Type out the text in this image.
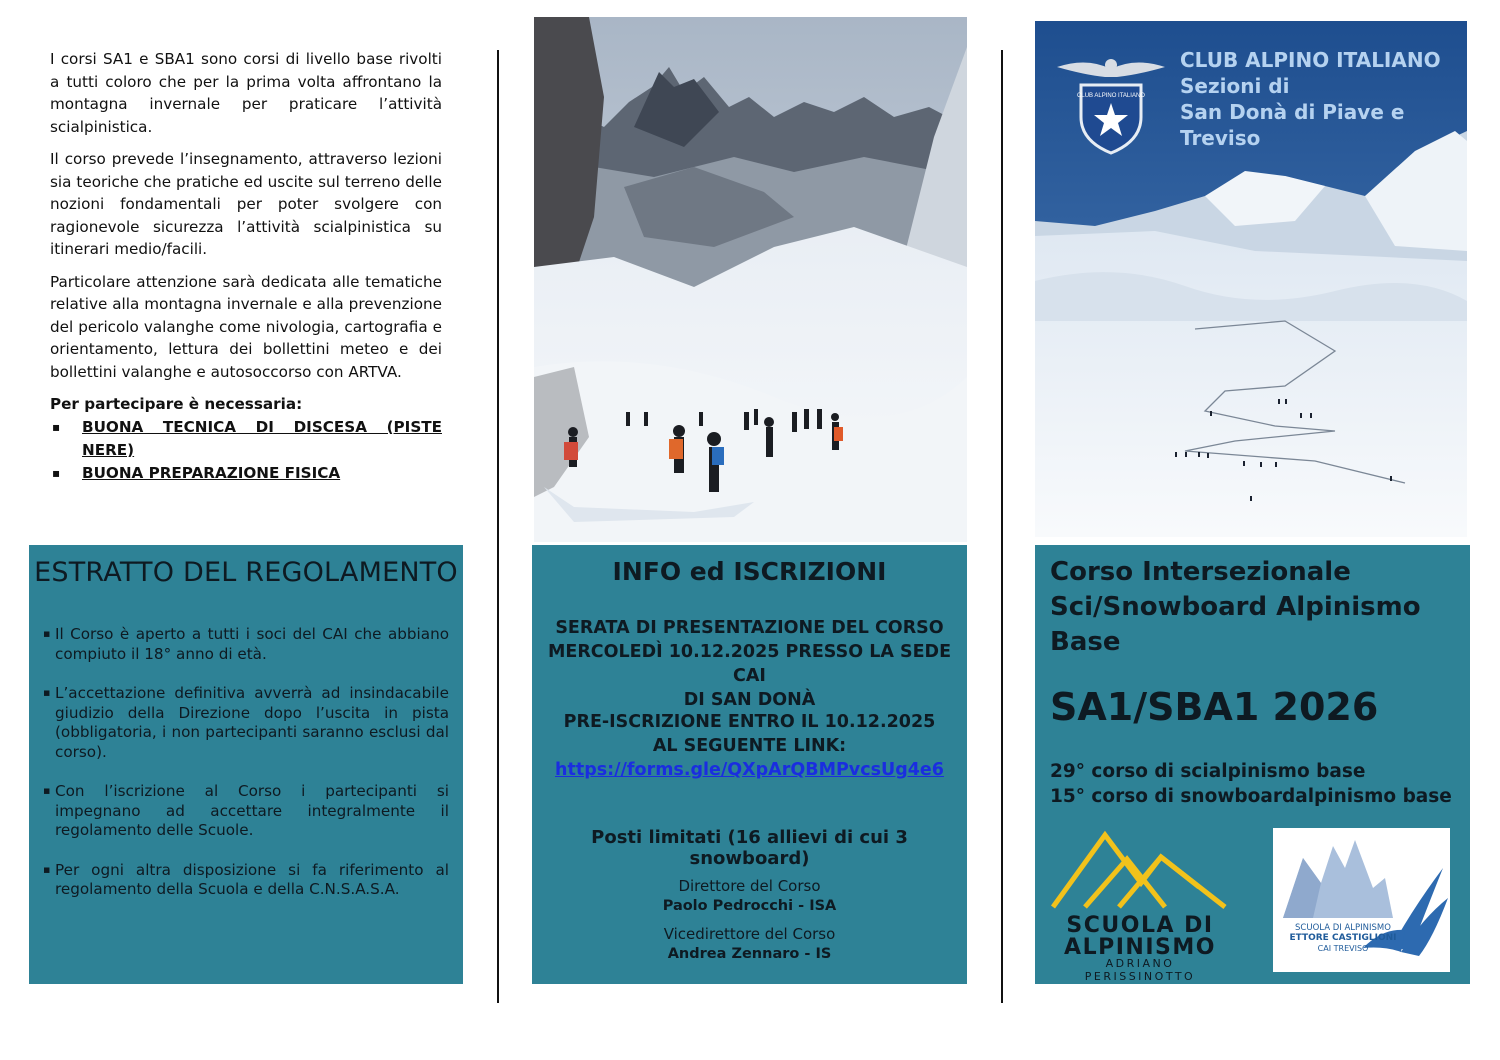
I corsi SA1 e SBA1 sono corsi di livello base rivolti a tutti coloro che per la prima volta affrontano la montagna invernale per praticare l’attività scialpinistica.

Il corso prevede l’insegnamento, attraverso lezioni sia teoriche che pratiche ed uscite sul terreno delle nozioni fondamentali per poter svolgere con ragionevole sicurezza l’attività scialpinistica su itinerari medio/facili.

Particolare attenzione sarà dedicata alle tematiche relative alla montagna invernale e alla prevenzione del pericolo valanghe come nivologia, cartografia e orientamento, lettura dei bollettini meteo e dei bollettini valanghe e autosoccorso con ARTVA.

Per partecipare è necessaria:
▪ BUONA TECNICA DI DISCESA (PISTE NERE)
▪ BUONA PREPARAZIONE FISICA
ESTRATTO DEL REGOLAMENTO
▪ Il Corso è aperto a tutti i soci del CAI che abbiano compiuto il 18° anno di età.
▪ L’accettazione definitiva avverrà ad insindacabile giudizio della Direzione dopo l’uscita in pista (obbligatoria, i non partecipanti saranno esclusi dal corso).
▪ Con l’iscrizione al Corso i partecipanti si impegnano ad accettare integralmente il regolamento delle Scuole.
▪ Per ogni altra disposizione si fa riferimento al regolamento della Scuola e della C.N.S.A.S.A.
INFO ed ISCRIZIONI
SERATA DI PRESENTAZIONE DEL CORSO
MERCOLEDÌ 10.12.2025 PRESSO LA SEDE CAI
DI SAN DONÀ
PRE-ISCRIZIONE ENTRO IL 10.12.2025
AL SEGUENTE LINK:
https://forms.gle/QXpArQBMPvcsUg4e6
Posti limitati (16 allievi di cui 3 snowboard)
Direttore del Corso
Paolo Pedrocchi - ISA
Vicedirettore del Corso
Andrea Zennaro - IS
CLUB ALPINO ITALIANO
CLUB ALPINO ITALIANO
Sezioni di
San Donà di Piave e
Treviso
Corso Intersezionale
Sci/Snowboard Alpinismo
Base
SA1/SBA1 2026
29° corso di scialpinismo base
15° corso di snowboardalpinismo base
SCUOLA DI
ALPINISMO
ADRIANO PERISSINOTTO
SCUOLA DI ALPINISMO
ETTORE CASTIGLIONI
CAI TREVISO
